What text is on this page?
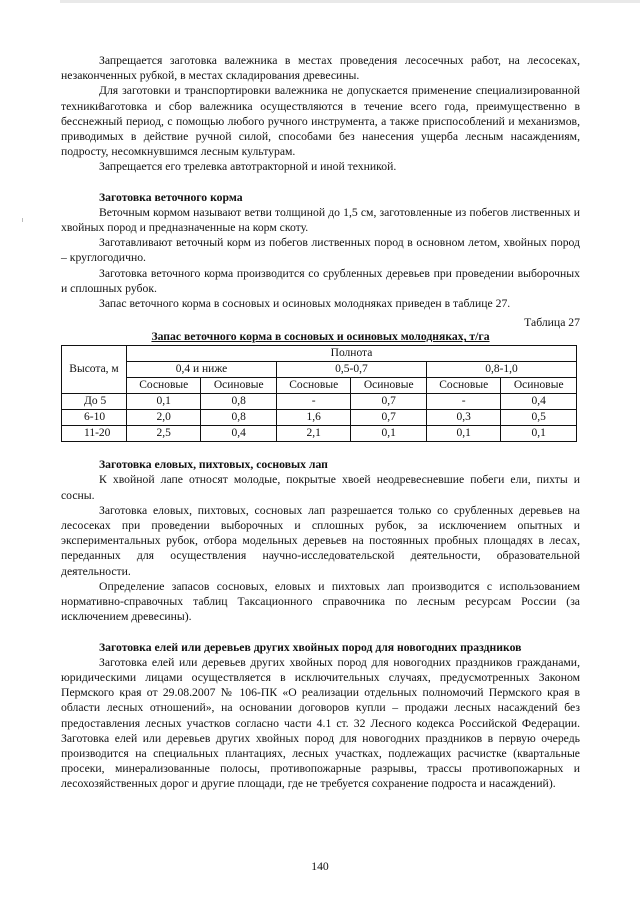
Запрещается заготовка валежника в местах проведения лесосечных работ, на лесосеках, незаконченных рубкой, в местах складирования древесины.

Для заготовки и транспортировки валежника не допускается применение специализированной техники.

Заготовка и сбор валежника осуществляются в течение всего года, преимущественно в бесснежный период, с помощью любого ручного инструмента, а также приспособлений и механизмов, приводимых в действие ручной силой, способами без нанесения ущерба лесным насаждениям, подросту, несомкнувшимся лесным культурам.

Запрещается его трелевка автотракторной и иной техникой.

Заготовка веточного корма

Веточным кормом называют ветви толщиной до 1,5 см, заготовленные из побегов лиственных и хвойных пород и предназначенные на корм скоту.

Заготавливают веточный корм из побегов лиственных пород в основном летом, хвойных пород – круглогодично.

Заготовка веточного корма производится со срубленных деревьев при проведении выборочных и сплошных рубок.

Запас веточного корма в сосновых и осиновых молодняках приведен в таблице 27.

Таблица 27
Запас веточного корма в сосновых и осиновых молодняках, т/га
Высота, м	Полнота					
	0,4 и ниже		0,5-0,7		0,8-1,0	
	Сосновые	Осиновые	Сосновые	Осиновые	Сосновые	Осиновые
До 5	0,1	0,8	-	0,7	-	0,4
6-10	2,0	0,8	1,6	0,7	0,3	0,5
11-20	2,5	0,4	2,1	0,1	0,1	0,1
Заготовка еловых, пихтовых, сосновых лап

К хвойной лапе относят молодые, покрытые хвоей неодревесневшие побеги ели, пихты и сосны.

Заготовка еловых, пихтовых, сосновых лап разрешается только со срубленных деревьев на лесосеках при проведении выборочных и сплошных рубок, за исключением опытных и экспериментальных рубок, отбора модельных деревьев на постоянных пробных площадях в лесах, переданных для осуществления научно-исследовательской деятельности, образовательной деятельности.

Определение запасов сосновых, еловых и пихтовых лап производится с использованием нормативно-справочных таблиц Таксационного справочника по лесным ресурсам России (за исключением древесины).

Заготовка елей или деревьев других хвойных пород для новогодних праздников

Заготовка елей или деревьев других хвойных пород для новогодних праздников гражданами, юридическими лицами осуществляется в исключительных случаях, предусмотренных Законом Пермского края от 29.08.2007 № 106-ПК «О реализации отдельных полномочий Пермского края в области лесных отношений», на основании договоров купли – продажи лесных насаждений без предоставления лесных участков согласно части 4.1 ст. 32 Лесного кодекса Российской Федерации. Заготовка елей или деревьев других хвойных пород для новогодних праздников в первую очередь производится на специальных плантациях, лесных участках, подлежащих расчистке (квартальные просеки, минерализованные полосы, противопожарные разрывы, трассы противопожарных и лесохозяйственных дорог и другие площади, где не требуется сохранение подроста и насаждений).

140
